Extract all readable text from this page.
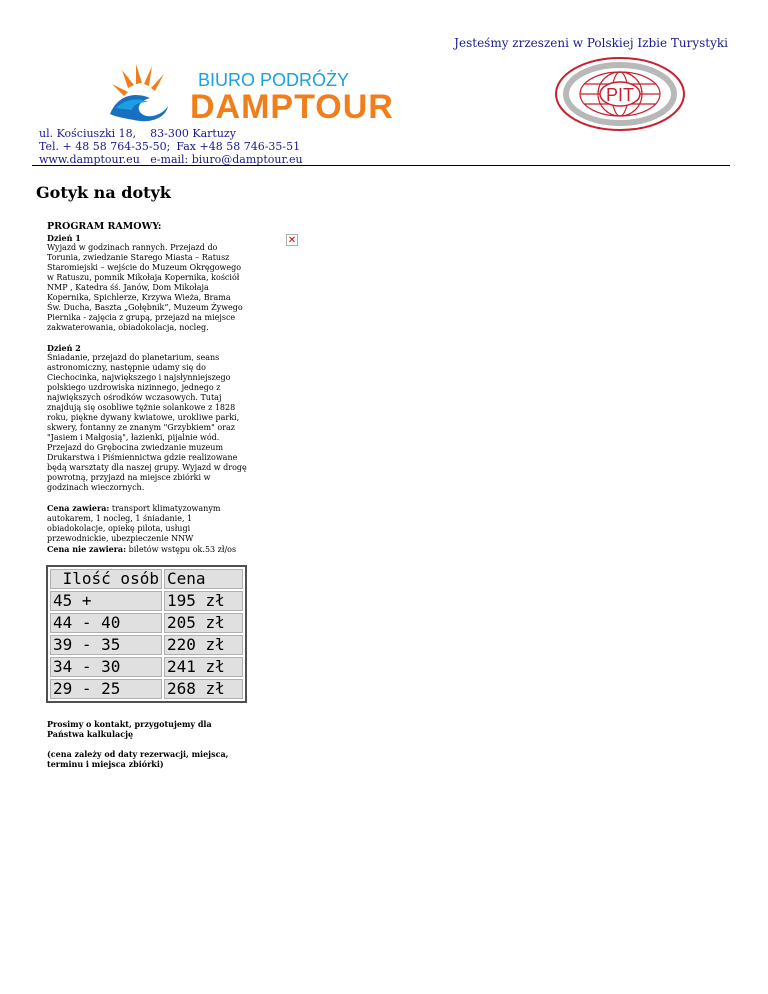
Jesteśmy zrzeszeni w Polskiej Izbie Turystyki
BIURO PODRÓŻY
DAMPTOUR	PIT
ul. Kościuszki 18, 83-300 Kartuzy
Tel. + 48 58 764-35-50; Fax +48 58 746-35-51
www.damptour.eu e-mail: biuro@damptour.eu
Gotyk na dotyk
✕
PROGRAM RAMOWY:
Dzień 1

Wyjazd w godzinach rannych. Przejazd do Torunia, zwiedzanie Starego Miasta – Ratusz Staromiejski – wejście do Muzeum Okręgowego w Ratuszu, pomnik Mikołaja Kopernika, kościół NMP , Katedra śś. Janów, Dom Mikołaja Kopernika, Spichlerze, Krzywa Wieża, Brama Św. Ducha, Baszta „Gołębnik”, Muzeum Żywego Piernika - zajęcia z grupą, przejazd na miejsce zakwaterowania, obiadokolacja, nocleg.

Dzień 2

Śniadanie, przejazd do planetarium, seans astronomiczny, następnie udamy się do Ciechocinka, największego i najsłynniejszego polskiego uzdrowiska nizinnego, jednego z największych ośrodków wczasowych. Tutaj znajdują się osobliwe tężnie solankowe z 1828 roku, piękne dywany kwiatowe, urokliwe parki, skwery, fontanny ze znanym "Grzybkiem" oraz "Jasiem i Małgosią", łazienki, pijalnie wód. Przejazd do Grębocina zwiedzanie muzeum Drukarstwa i Piśmiennictwa gdzie realizowane będą warsztaty dla naszej grupy. Wyjazd w drogę powrotną, przyjazd na miejsce zbiórki w godzinach wieczornych.

Cena zawiera: transport klimatyzowanym autokarem, 1 nocleg, 1 śniadanie, 1 obiadokolacje, opiekę pilota, usługi przewodnickie, ubezpieczenie NNW
Cena nie zawiera: biletów wstępu ok.53 zł/os
Ilość osób	Cena
45 +	195 zł
44 - 40	205 zł
39 - 35	220 zł
34 - 30	241 zł
29 - 25	268 zł
Prosimy o kontakt, przygotujemy dla Państwa kalkulację
(cena zależy od daty rezerwacji, miejsca, terminu i miejsca zbiórki)
